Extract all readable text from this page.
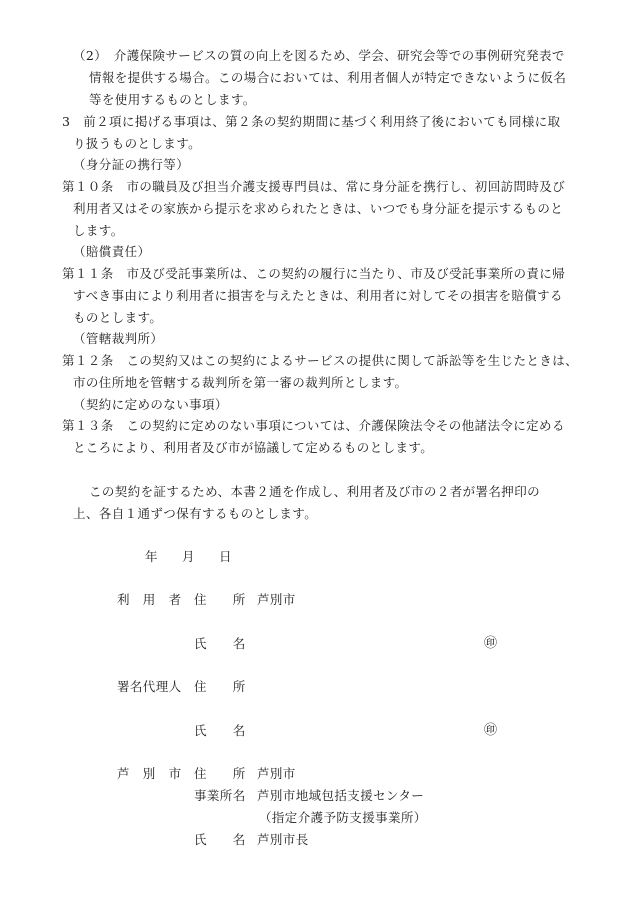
（2）　介護保険サービスの質の向上を図るため、学会、研究会等での事例研究発表で
情報を提供する場合。この場合においては、利用者個人が特定できないように仮名
等を使用するものとします。
3　前２項に掲げる事項は、第２条の契約期間に基づく利用終了後においても同様に取
り扱うものとします。
（身分証の携行等）
第１０条　市の職員及び担当介護支援専門員は、常に身分証を携行し、初回訪問時及び
利用者又はその家族から提示を求められたときは、いつでも身分証を提示するものと
します。
（賠償責任）
第１１条　市及び受託事業所は、この契約の履行に当たり、市及び受託事業所の責に帰
すべき事由により利用者に損害を与えたときは、利用者に対してその損害を賠償する
ものとします。
（管轄裁判所）
第１２条　この契約又はこの契約によるサービスの提供に関して訴訟等を生じたときは、
市の住所地を管轄する裁判所を第一審の裁判所とします。
（契約に定めのない事項）
第１３条　この契約に定めのない事項については、介護保険法令その他諸法令に定める
ところにより、利用者及び市が協議して定めるものとします。
この契約を証するため、本書２通を作成し、利用者及び市の２者が署名押印の
上、各自１通ずつ保有するものとします。
年 月 日
利　用　者 住　　所 芦別市
氏　　名	㊞
署名代理人 住　　所
氏　　名	㊞
芦　別　市 住　　所 芦別市
事業所名 芦別市地域包括支援センター
（指定介護予防支援事業所）
氏　　名 芦別市長
